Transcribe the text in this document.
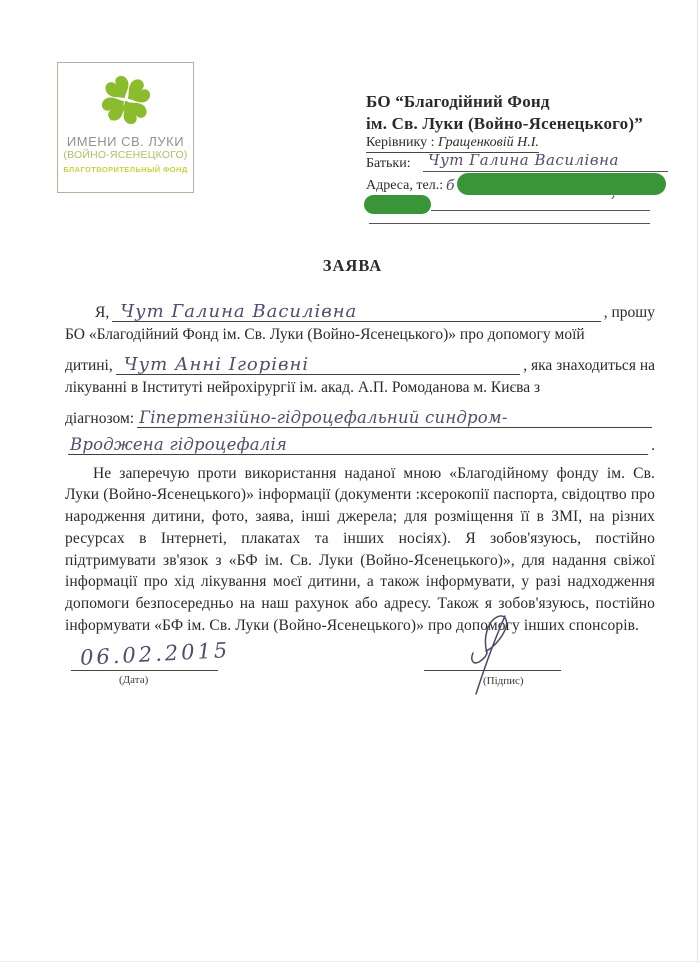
ИМЕНИ СВ. ЛУКИ
(ВОЙНО-ЯСЕНЕЦКОГО)
БЛАГОТВОРИТЕЛЬНЫЙ ФОНД
БО “Благодійний Фонд
ім. Св. Луки (Войно-Ясенецького)”
Керівнику : Гращенковій Н.І.
Батьки: Чут Галина Василівна
Адреса, тел.: б	,
ЗАЯВА
Я, Чут Галина Василівна	, прошу
БО «Благодійний Фонд ім. Св. Луки (Войно-Ясенецького)» про допомогу моїй
дитині, Чут Анні Ігорівні	, яка знаходиться на
лікуванні в Інституті нейрохірургії ім. акад. А.П. Ромоданова м. Києва з
діагнозом: Гіпертензійно-гідроцефальний синдром-
Вроджена гідроцефалія	.

Не заперечую проти використання наданої мною «Благодійному фонду ім. Св. Луки (Войно-Ясенецького)» інформації (документи :ксерокопії паспорта, свідоцтво про народження дитини, фото, заява, інші джерела; для розміщення її в ЗМІ, на різних ресурсах в Інтернеті, плакатах та інших носіях). Я зобов'язуюсь, постійно підтримувати зв'язок з «БФ ім. Св. Луки (Войно-Ясенецького)», для надання свіжої інформації про хід лікування моєї дитини, а також інформувати, у разі надходження допомоги безпосередньо на наш рахунок або адресу. Також я зобов'язуюсь, постійно інформувати «БФ ім. Св. Луки (Войно-Ясенецького)» про допомогу інших спонсорів.

06.02.2015
(Дата)	(Підпис)
